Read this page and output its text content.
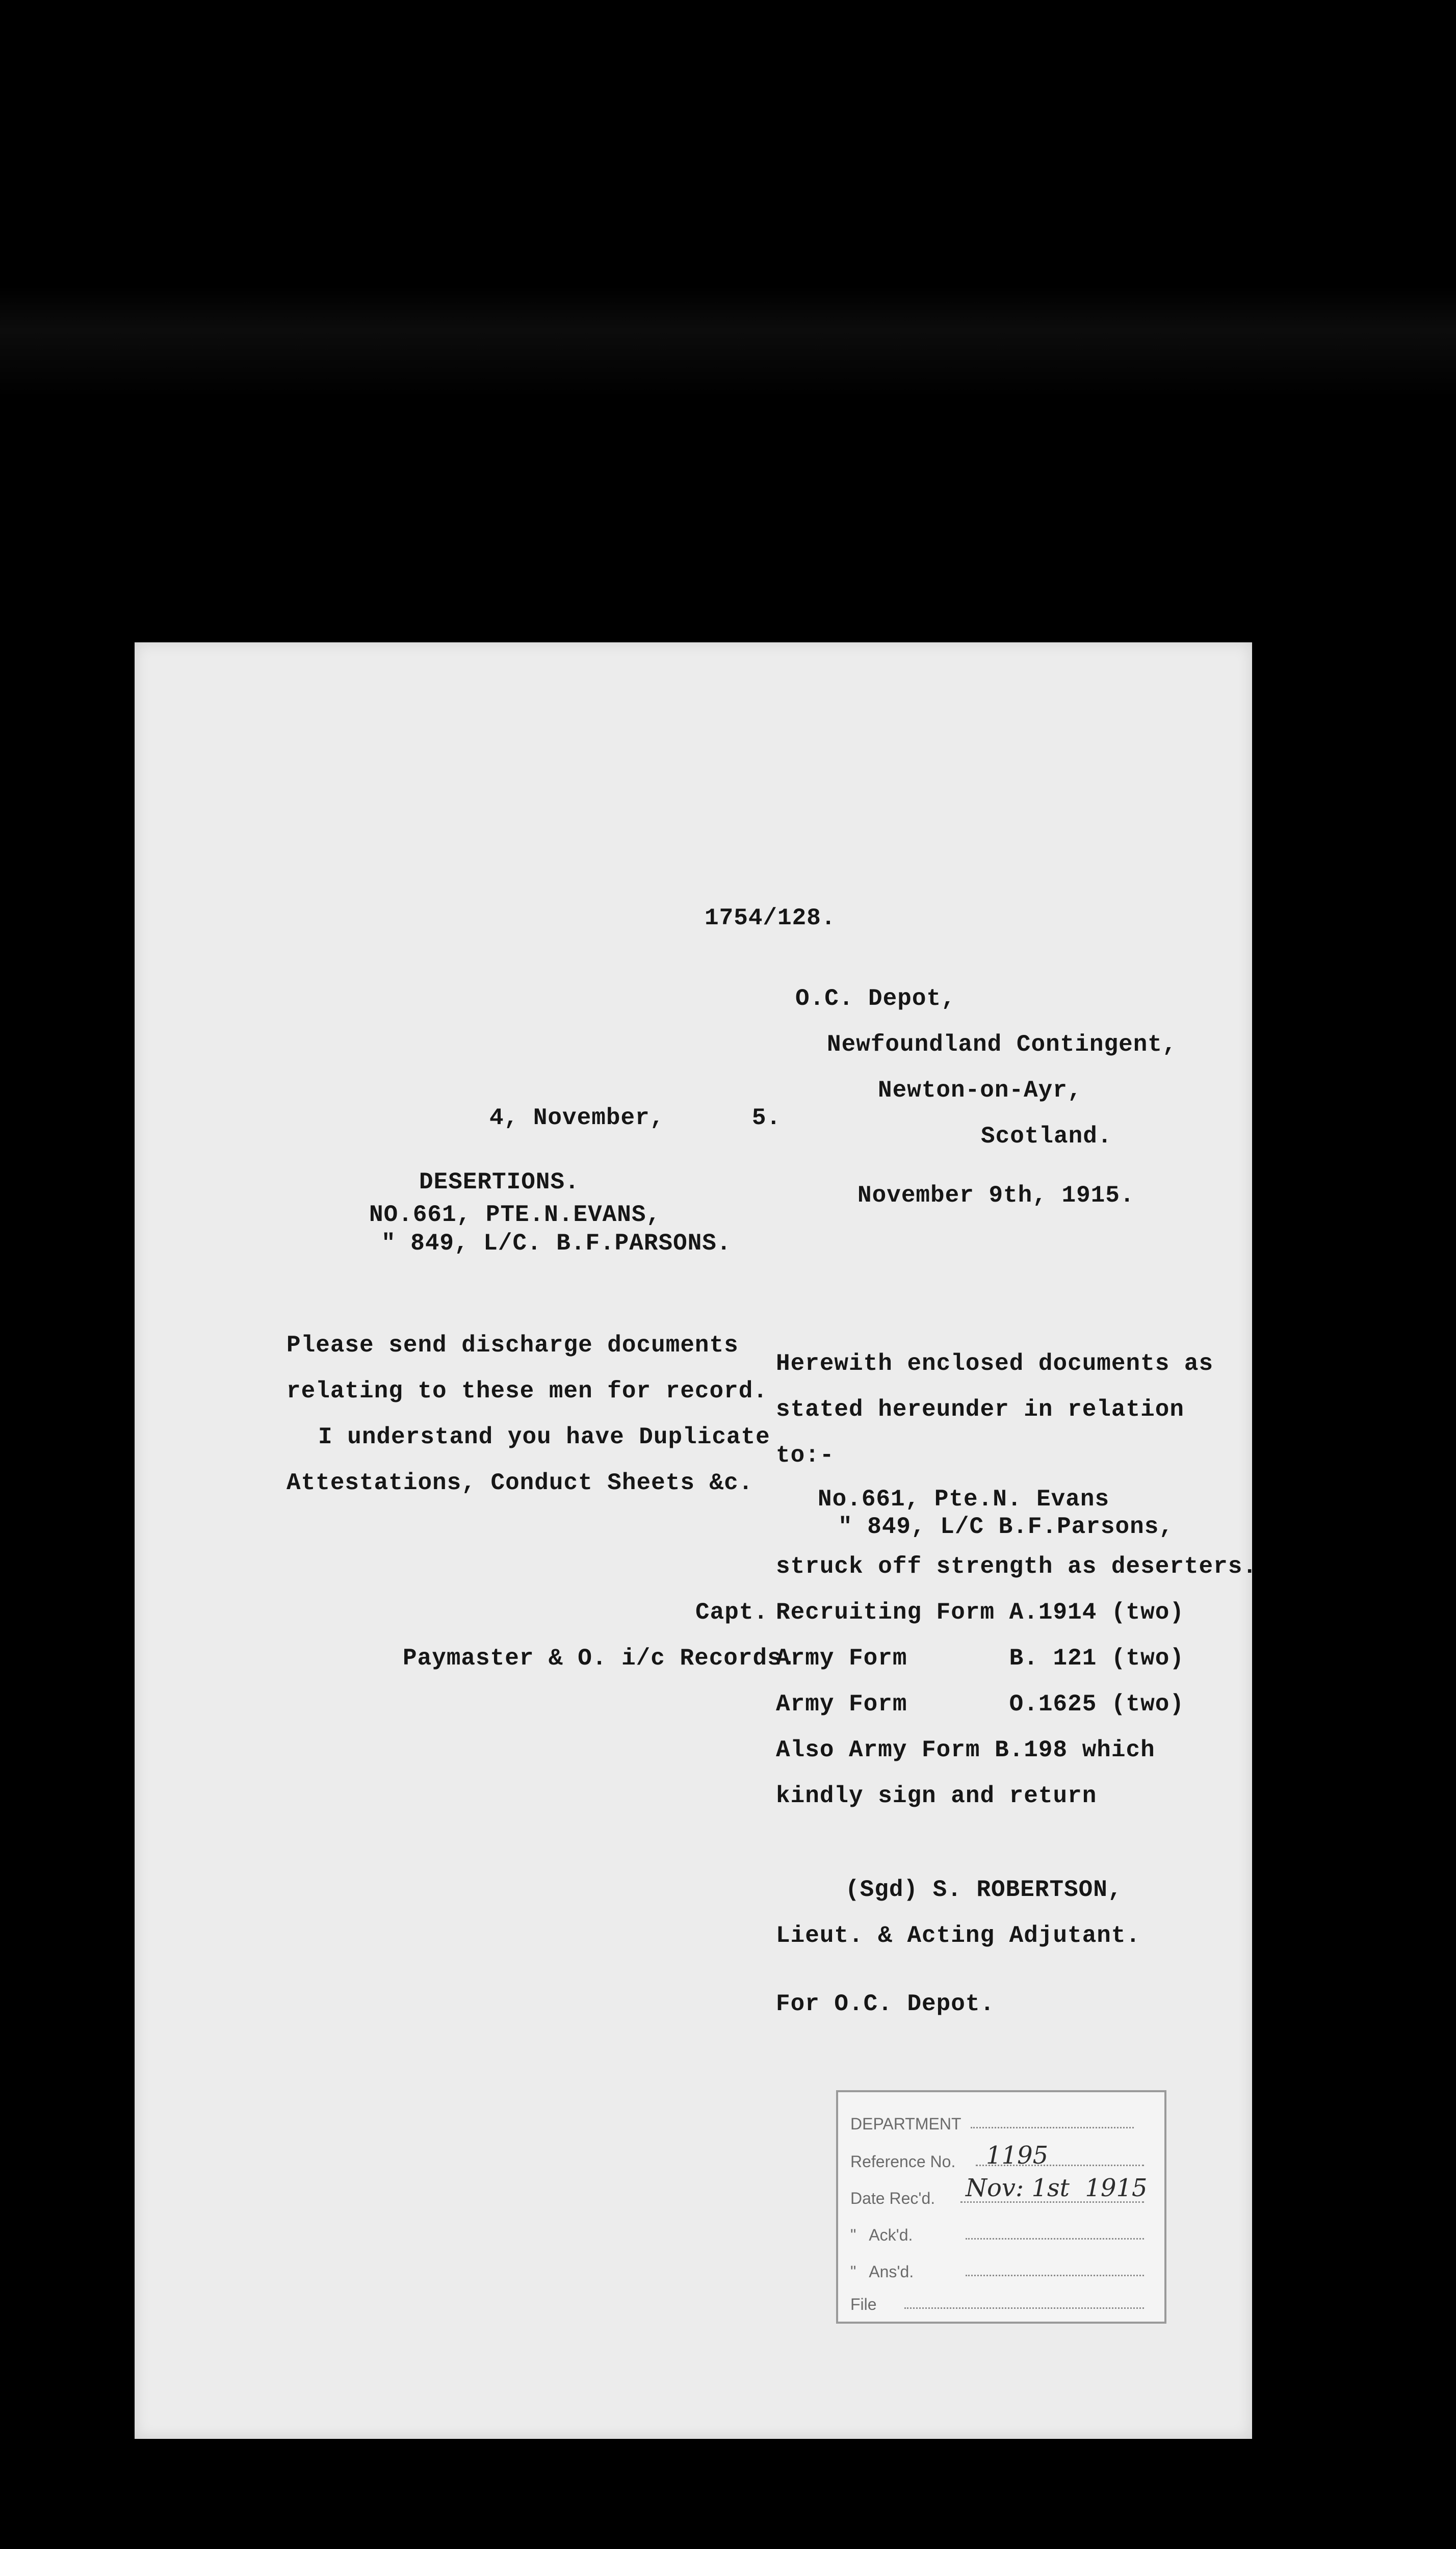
1754/128.
O.C. Depot,
Newfoundland Contingent,
Newton-on-Ayr,
Scotland.
4, November,      5.
November 9th, 1915.
DESERTIONS.
NO.661, PTE.N.EVANS,
" 849, L/C. B.F.PARSONS.
Please send discharge documents
relating to these men for record.
I understand you have Duplicate
Attestations, Conduct Sheets &c.
Capt.
Paymaster & O. i/c Records.
Herewith enclosed documents as
stated hereunder in relation
to:-
No.661, Pte.N. Evans
" 849, L/C B.F.Parsons,
struck off strength as deserters.
Recruiting Form A.1914 (two)
Army Form       B. 121 (two)
Army Form       O.1625 (two)
Also Army Form B.198 which
kindly sign and return
(Sgd) S. ROBERTSON,
Lieut. & Acting Adjutant.
For O.C. Depot.
DEPARTMENT
Reference No. 1195
Date Rec'd. Nov: 1st  1915
"   Ack'd.
"   Ans'd.
File
